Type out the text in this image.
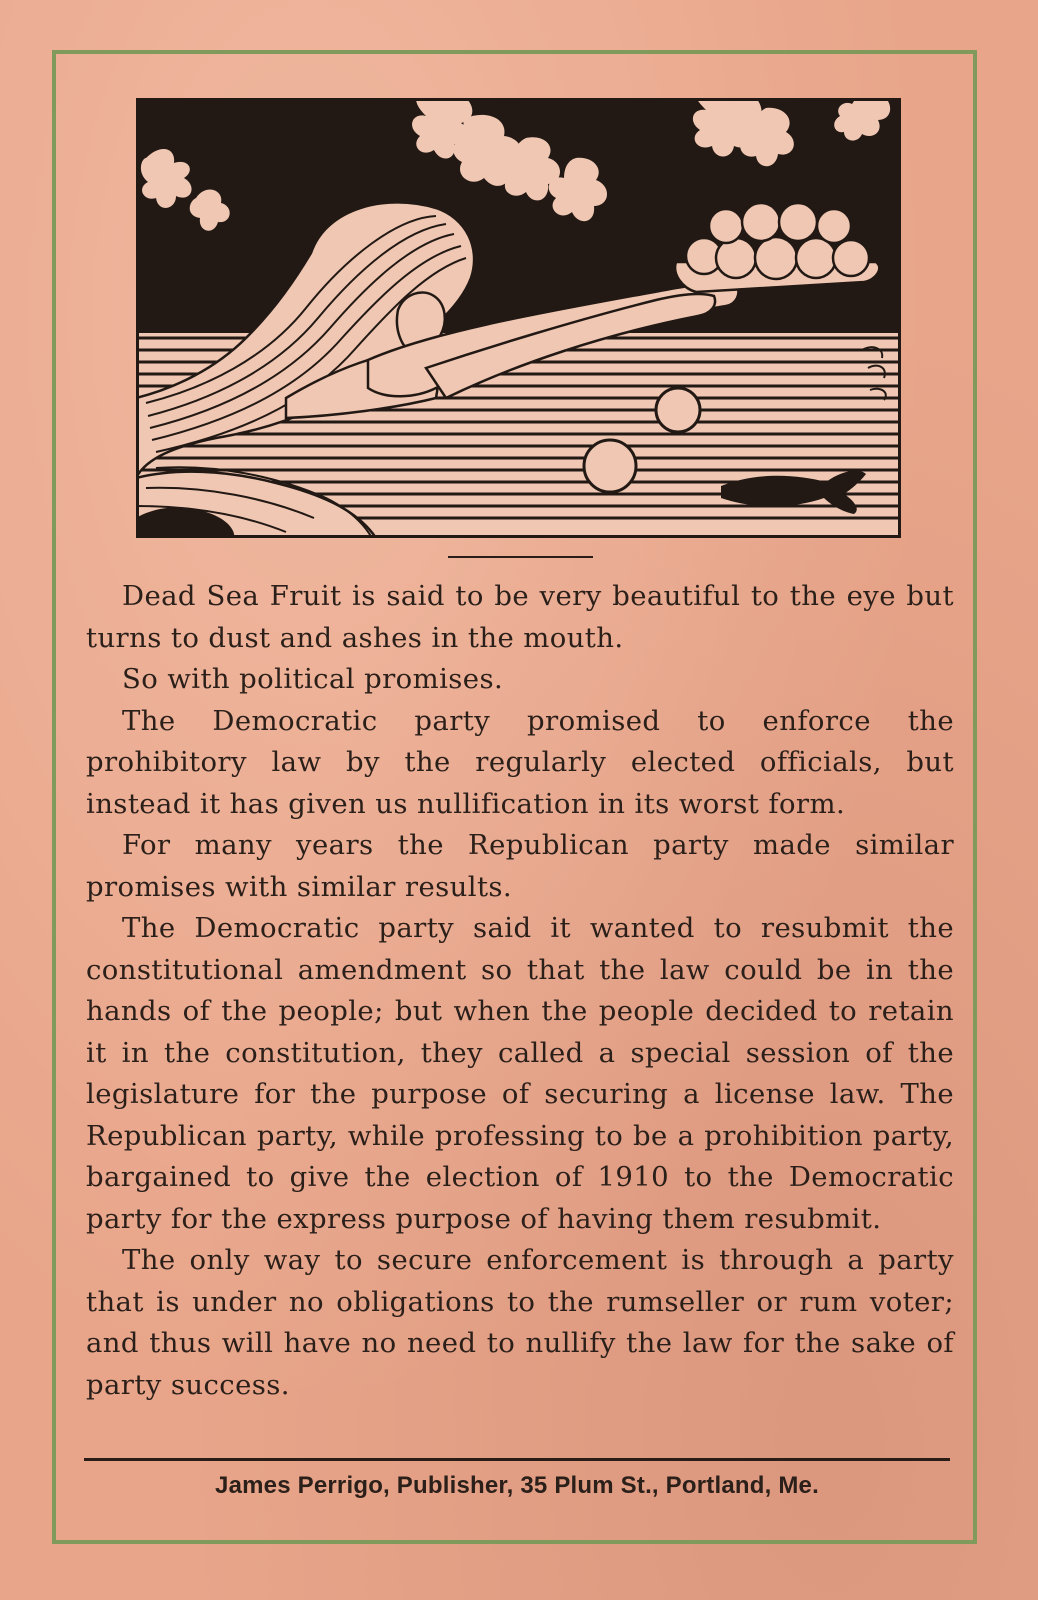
Dead Sea Fruit is said to be very beautiful to the eye but turns to dust and ashes in the mouth.

So with political promises.

The Democratic party promised to enforce the prohibitory law by the regularly elected officials, but instead it has given us nullification in its worst form.

For many years the Republican party made similar promises with similar results.

The Democratic party said it wanted to resubmit the constitutional amendment so that the law could be in the hands of the people; but when the people decided to retain it in the constitution, they called a special session of the legislature for the purpose of securing a license law. The Republican party, while professing to be a prohibition party, bargained to give the election of 1910 to the Democratic party for the express purpose of having them resubmit.

The only way to secure enforcement is through a party that is under no obligations to the rumseller or rum voter; and thus will have no need to nullify the law for the sake of party success.

James Perrigo, Publisher, 35 Plum St., Portland, Me.
